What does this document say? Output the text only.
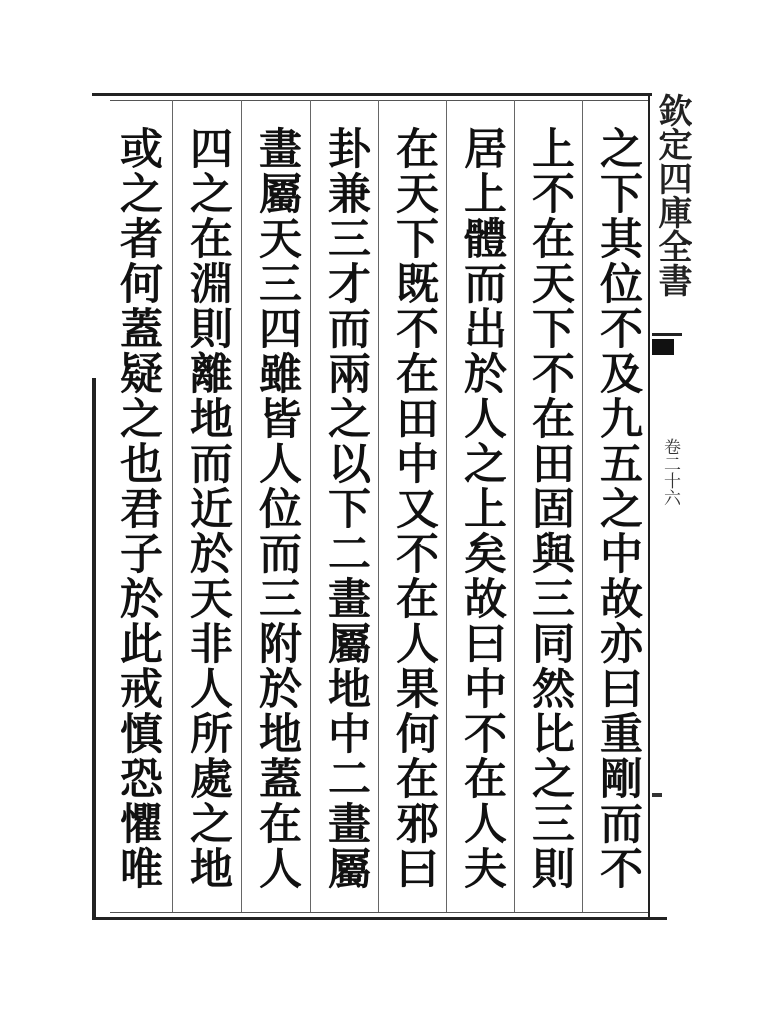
之下其位不及九五之中故亦曰重剛而不
上不在天下不在田固與三同然比之三則
居上體而出於人之上矣故曰中不在人夫
在天下既不在田中又不在人果何在邪曰
卦兼三才而兩之以下二畫屬地中二畫屬
畫屬天三四雖皆人位而三附於地蓋在人
四之在淵則離地而近於天非人所處之地
或之者何蓋疑之也君子於此戒慎恐懼唯
欽定四庫全書
卷二十六
